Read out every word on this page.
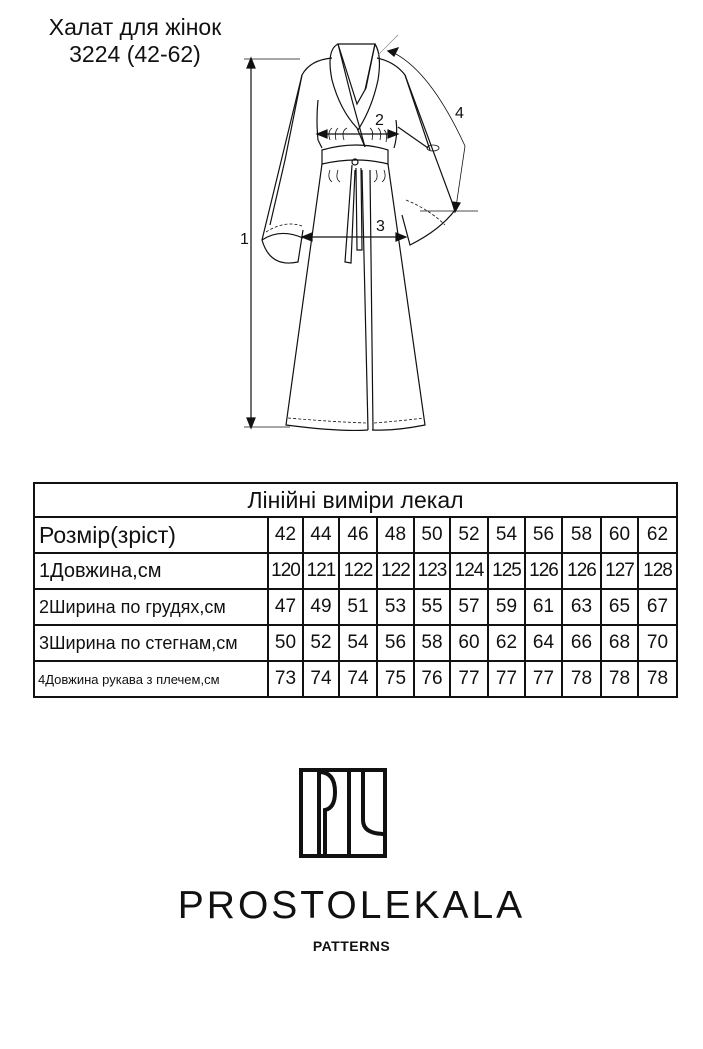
Халат для жінок
3224 (42-62)
1
2
3
4
Лінійні виміри лекал											
Розмір(зріст)	42	44	46	48	50	52	54	56	58	60	62
1Довжина,см	120	121	122	122	123	124	125	126	126	127	128
2Ширина по грудях,см	47	49	51	53	55	57	59	61	63	65	67
3Ширина по стегнам,см	50	52	54	56	58	60	62	64	66	68	70
4Довжина рукава з плечем,см	73	74	74	75	76	77	77	77	78	78	78
PROSTOLEKALA
PATTERNS
